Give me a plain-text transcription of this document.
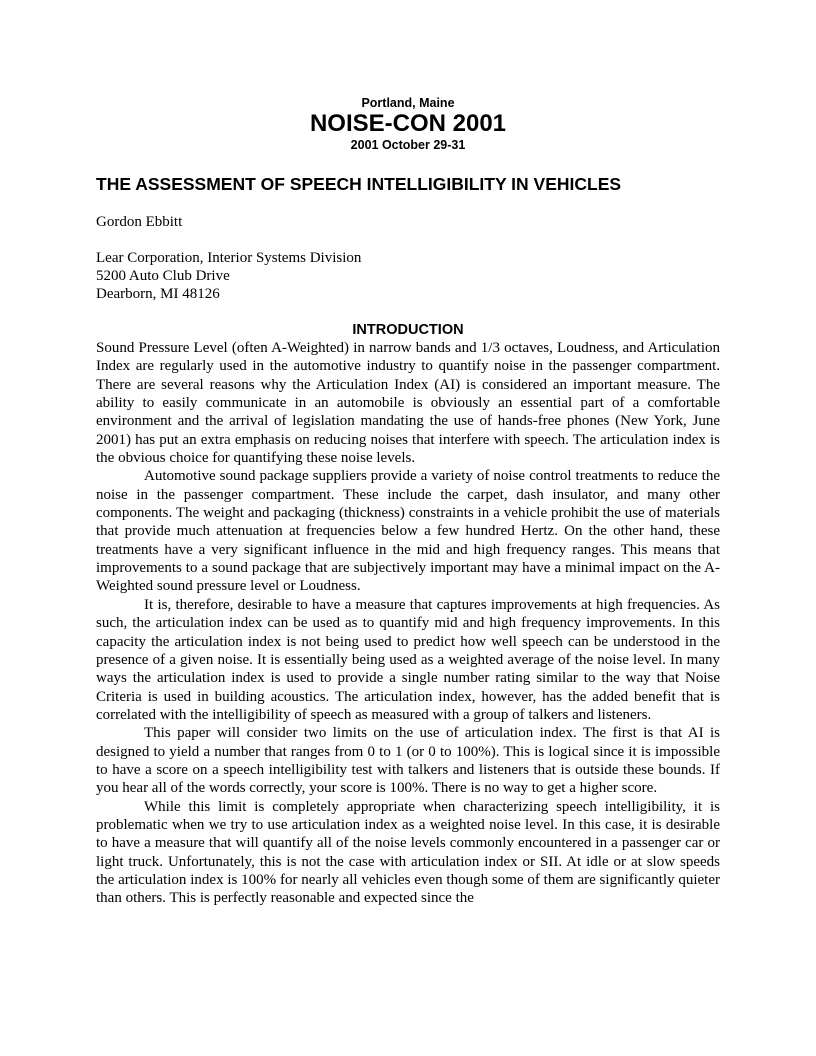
Portland, Maine

NOISE-CON 2001

2001 October 29-31

THE ASSESSMENT OF SPEECH INTELLIGIBILITY IN VEHICLES

Gordon Ebbitt

Lear Corporation, Interior Systems Division
5200 Auto Club Drive
Dearborn, MI 48126
INTRODUCTION

Sound Pressure Level (often A-Weighted) in narrow bands and 1/3 octaves, Loudness, and Articulation Index are regularly used in the automotive industry to quantify noise in the passenger compartment. There are several reasons why the Articulation Index (AI) is considered an important measure. The ability to easily communicate in an automobile is obviously an essential part of a comfortable environment and the arrival of legislation mandating the use of hands-free phones (New York, June 2001) has put an extra emphasis on reducing noises that interfere with speech. The articulation index is the obvious choice for quantifying these noise levels.

Automotive sound package suppliers provide a variety of noise control treatments to reduce the noise in the passenger compartment. These include the carpet, dash insulator, and many other components. The weight and packaging (thickness) constraints in a vehicle prohibit the use of materials that provide much attenuation at frequencies below a few hundred Hertz. On the other hand, these treatments have a very significant influence in the mid and high frequency ranges. This means that improvements to a sound package that are subjectively important may have a minimal impact on the A-Weighted sound pressure level or Loudness.

It is, therefore, desirable to have a measure that captures improvements at high frequencies. As such, the articulation index can be used as to quantify mid and high frequency improvements. In this capacity the articulation index is not being used to predict how well speech can be understood in the presence of a given noise. It is essentially being used as a weighted average of the noise level. In many ways the articulation index is used to provide a single number rating similar to the way that Noise Criteria is used in building acoustics. The articulation index, however, has the added benefit that is correlated with the intelligibility of speech as measured with a group of talkers and listeners.

This paper will consider two limits on the use of articulation index. The first is that AI is designed to yield a number that ranges from 0 to 1 (or 0 to 100%). This is logical since it is impossible to have a score on a speech intelligibility test with talkers and listeners that is outside these bounds. If you hear all of the words correctly, your score is 100%. There is no way to get a higher score.

While this limit is completely appropriate when characterizing speech intelligibility, it is problematic when we try to use articulation index as a weighted noise level. In this case, it is desirable to have a measure that will quantify all of the noise levels commonly encountered in a passenger car or light truck. Unfortunately, this is not the case with articulation index or SII. At idle or at slow speeds the articulation index is 100% for nearly all vehicles even though some of them are significantly quieter than others. This is perfectly reasonable and expected since the
